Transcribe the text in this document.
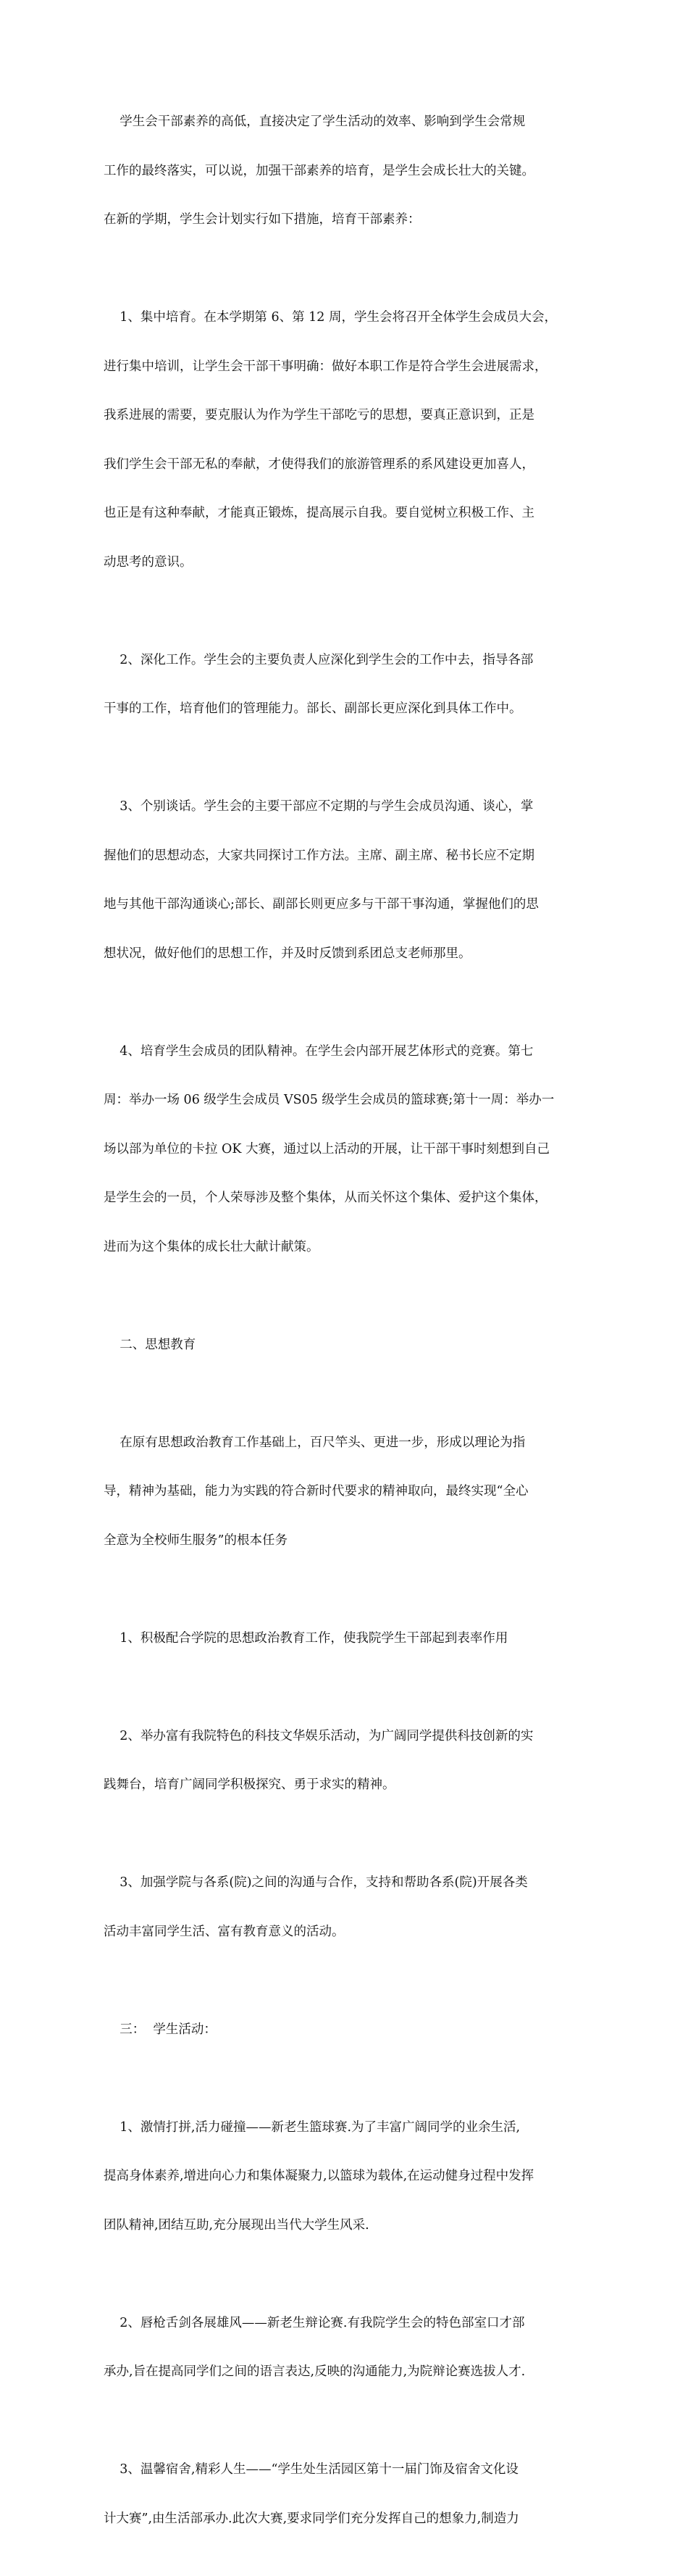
学生会干部素养的高低，直接决定了学生活动的效率、影响到学生会常规

工作的最终落实，可以说，加强干部素养的培育，是学生会成长壮大的关键。

在新的学期，学生会计划实行如下措施，培育干部素养：

1、集中培育。在本学期第 6、第 12 周，学生会将召开全体学生会成员大会，

进行集中培训，让学生会干部干事明确：做好本职工作是符合学生会进展需求，

我系进展的需要，要克服认为作为学生干部吃亏的思想，要真正意识到，正是

我们学生会干部无私的奉献，才使得我们的旅游管理系的系风建设更加喜人，

也正是有这种奉献，才能真正锻炼，提高展示自我。要自觉树立积极工作、主

动思考的意识。

2、深化工作。学生会的主要负责人应深化到学生会的工作中去，指导各部

干事的工作，培育他们的管理能力。部长、副部长更应深化到具体工作中。

3、个别谈话。学生会的主要干部应不定期的与学生会成员沟通、谈心，掌

握他们的思想动态，大家共同探讨工作方法。主席、副主席、秘书长应不定期

地与其他干部沟通谈心;部长、副部长则更应多与干部干事沟通，掌握他们的思

想状况，做好他们的思想工作，并及时反馈到系团总支老师那里。

4、培育学生会成员的团队精神。在学生会内部开展艺体形式的竞赛。第七

周：举办一场 06 级学生会成员 VS05 级学生会成员的篮球赛;第十一周：举办一

场以部为单位的卡拉 OK 大赛，通过以上活动的开展，让干部干事时刻想到自己

是学生会的一员，个人荣辱涉及整个集体，从而关怀这个集体、爱护这个集体，

进而为这个集体的成长壮大献计献策。

二、思想教育

在原有思想政治教育工作基础上，百尺竿头、更进一步，形成以理论为指

导，精神为基础，能力为实践的符合新时代要求的精神取向，最终实现“全心

全意为全校师生服务”的根本任务

1、积极配合学院的思想政治教育工作，使我院学生干部起到表率作用

2、举办富有我院特色的科技文华娱乐活动，为广阔同学提供科技创新的实

践舞台，培育广阔同学积极探究、勇于求实的精神。

3、加强学院与各系(院)之间的沟通与合作，支持和帮助各系(院)开展各类

活动丰富同学生活、富有教育意义的活动。

三：  学生活动：

1、激情打拼,活力碰撞——新老生篮球赛.为了丰富广阔同学的业余生活,

提高身体素养,增进向心力和集体凝聚力,以篮球为载体,在运动健身过程中发挥

团队精神,团结互助,充分展现出当代大学生风采.

2、唇枪舌剑各展雄风——新老生辩论赛.有我院学生会的特色部室口才部

承办,旨在提高同学们之间的语言表达,反映的沟通能力,为院辩论赛选拔人才.

3、温馨宿舍,精彩人生——“学生处生活园区第十一届门饰及宿舍文化设

计大赛”,由生活部承办.此次大赛,要求同学们充分发挥自己的想象力,制造力
